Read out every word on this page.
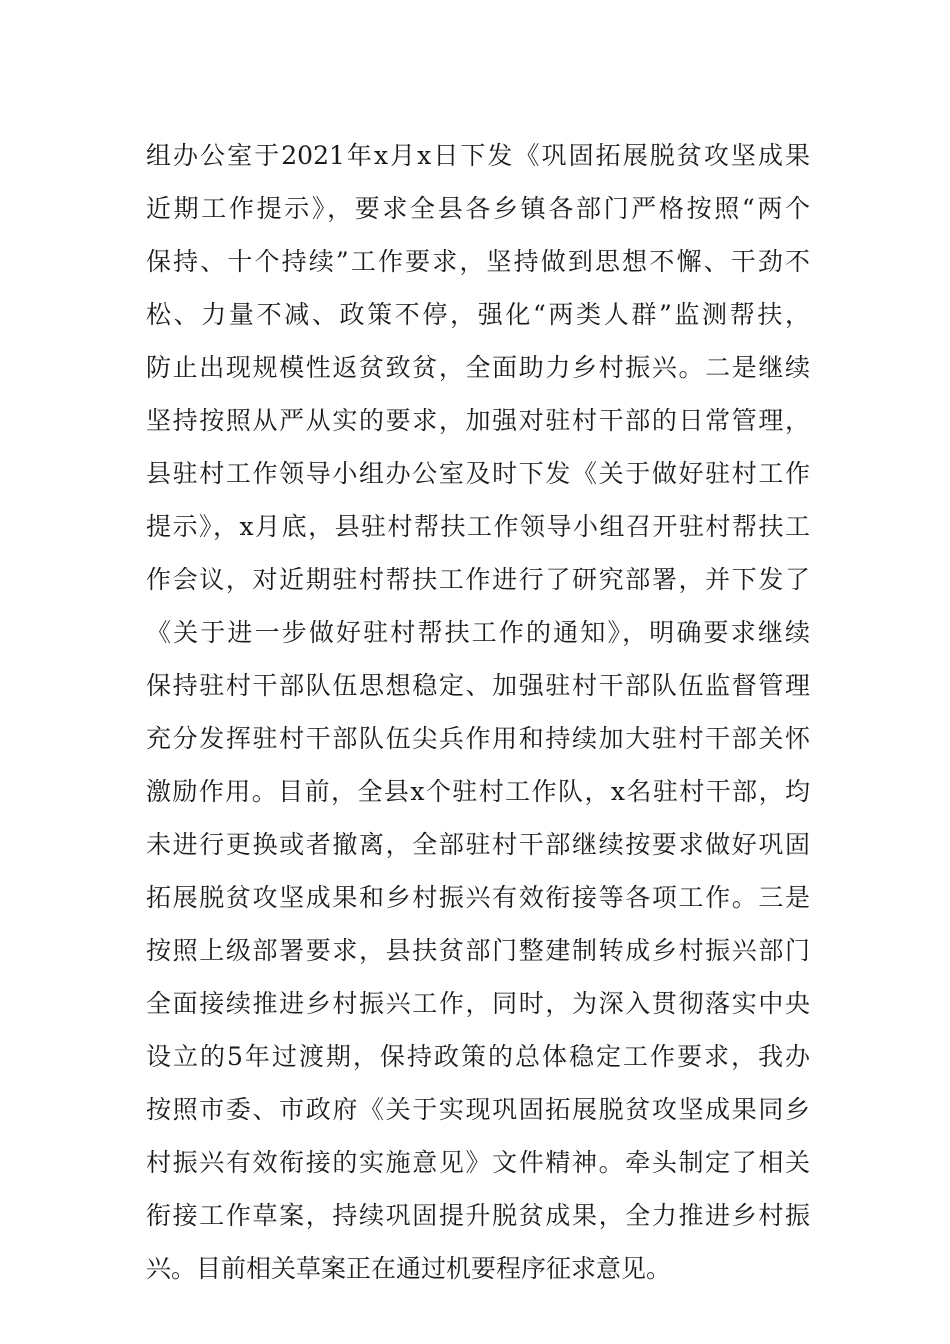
组办公室于2021年x月x日下发《巩固拓展脱贫攻坚成果
近期工作提示》，要求全县各乡镇各部门严格按照“两个
保持、十个持续”工作要求，坚持做到思想不懈、干劲不
松、力量不减、政策不停，强化“两类人群”监测帮扶，
防止出现规模性返贫致贫，全面助力乡村振兴。二是继续
坚持按照从严从实的要求，加强对驻村干部的日常管理，
县驻村工作领导小组办公室及时下发《关于做好驻村工作
提示》，x月底，县驻村帮扶工作领导小组召开驻村帮扶工
作会议，对近期驻村帮扶工作进行了研究部署，并下发了
《关于进一步做好驻村帮扶工作的通知》，明确要求继续
保持驻村干部队伍思想稳定、加强驻村干部队伍监督管理
充分发挥驻村干部队伍尖兵作用和持续加大驻村干部关怀
激励作用。目前，全县x个驻村工作队，x名驻村干部，均
未进行更换或者撤离，全部驻村干部继续按要求做好巩固
拓展脱贫攻坚成果和乡村振兴有效衔接等各项工作。三是
按照上级部署要求，县扶贫部门整建制转成乡村振兴部门
全面接续推进乡村振兴工作，同时，为深入贯彻落实中央
设立的5年过渡期，保持政策的总体稳定工作要求，我办
按照市委、市政府《关于实现巩固拓展脱贫攻坚成果同乡
村振兴有效衔接的实施意见》文件精神。牵头制定了相关
衔接工作草案，持续巩固提升脱贫成果，全力推进乡村振
兴。目前相关草案正在通过机要程序征求意见。
